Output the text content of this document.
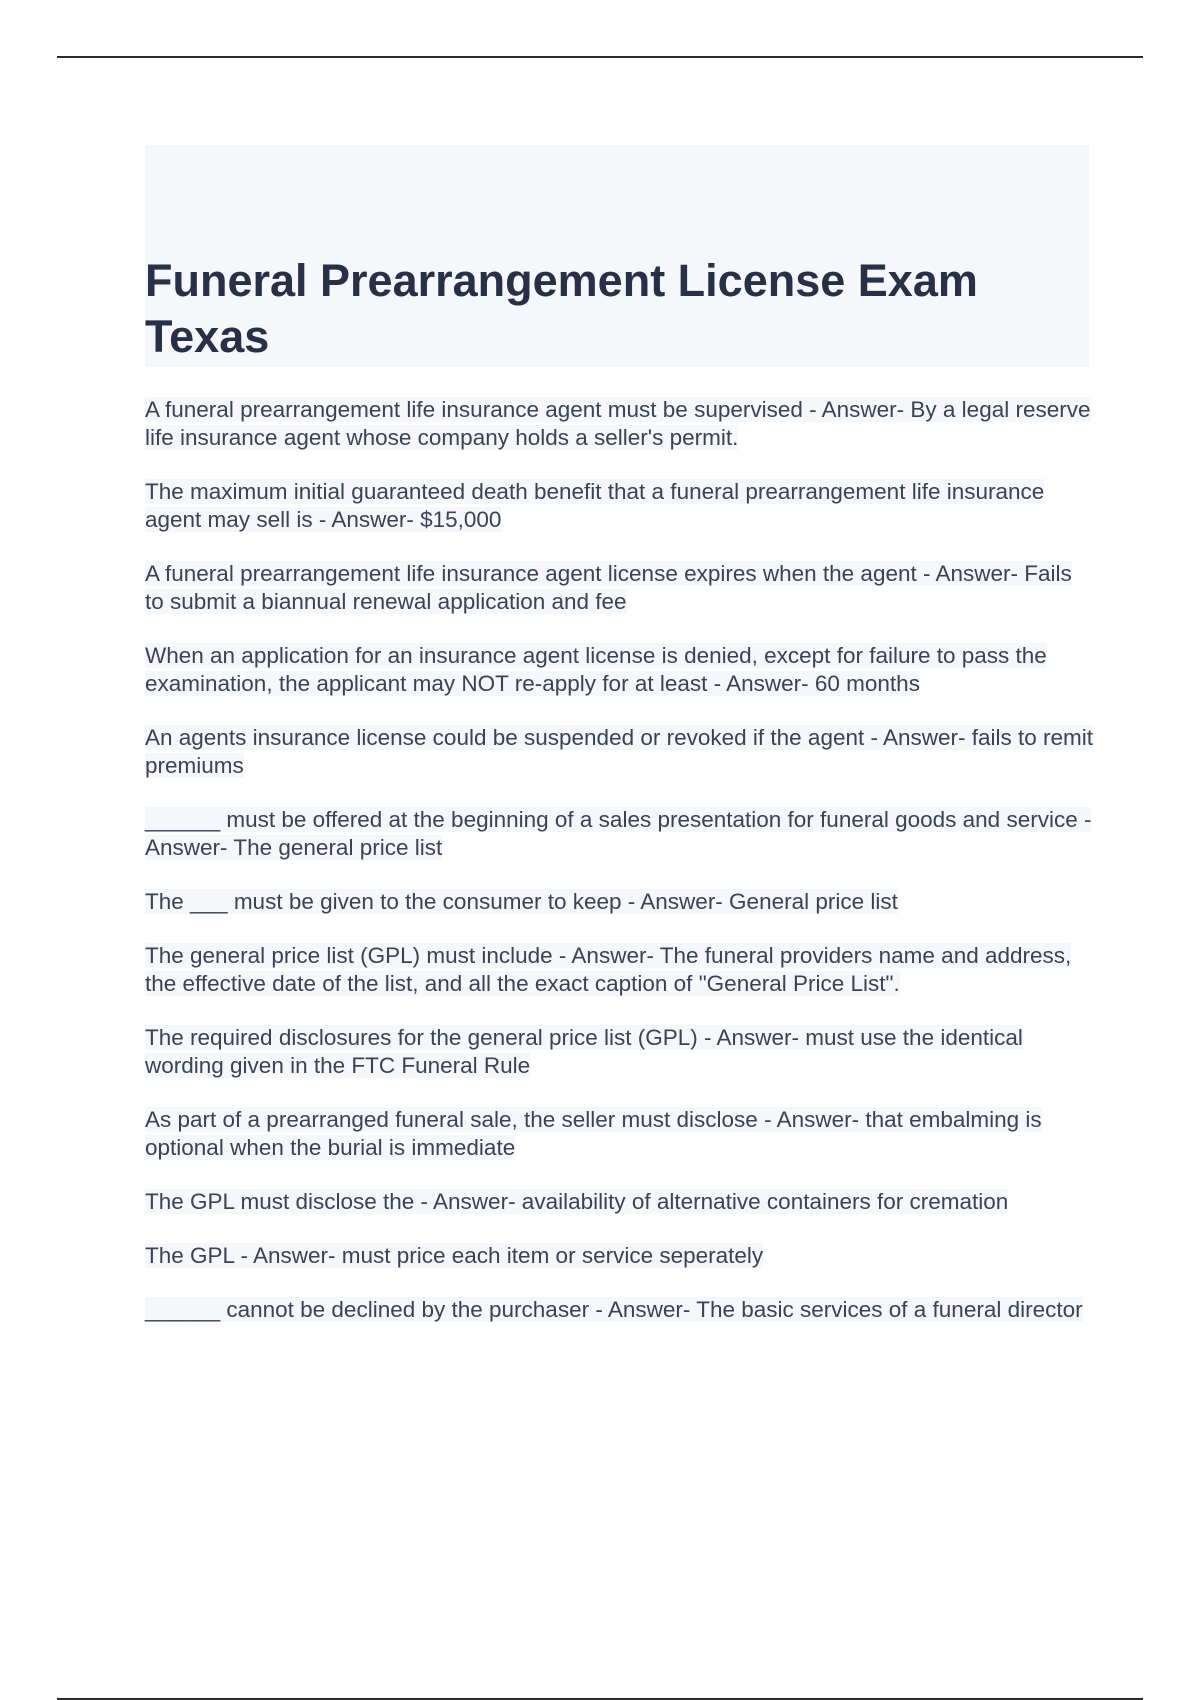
Funeral Prearrangement License Exam Texas
A funeral prearrangement life insurance agent must be supervised - Answer- By a legal reserve life insurance agent whose company holds a seller's permit.
The maximum initial guaranteed death benefit that a funeral prearrangement life insurance agent may sell is - Answer- $15,000
A funeral prearrangement life insurance agent license expires when the agent - Answer- Fails to submit a biannual renewal application and fee
When an application for an insurance agent license is denied, except for failure to pass the examination, the applicant may NOT re-apply for at least - Answer- 60 months
An agents insurance license could be suspended or revoked if the agent - Answer- fails to remit premiums
______ must be offered at the beginning of a sales presentation for funeral goods and service - Answer- The general price list
The ___ must be given to the consumer to keep - Answer- General price list
The general price list (GPL) must include - Answer- The funeral providers name and address, the effective date of the list, and all the exact caption of "General Price List".
The required disclosures for the general price list (GPL) - Answer- must use the identical wording given in the FTC Funeral Rule
As part of a prearranged funeral sale, the seller must disclose - Answer- that embalming is optional when the burial is immediate
The GPL must disclose the - Answer- availability of alternative containers for cremation
The GPL - Answer- must price each item or service seperately
______ cannot be declined by the purchaser - Answer- The basic services of a funeral director
